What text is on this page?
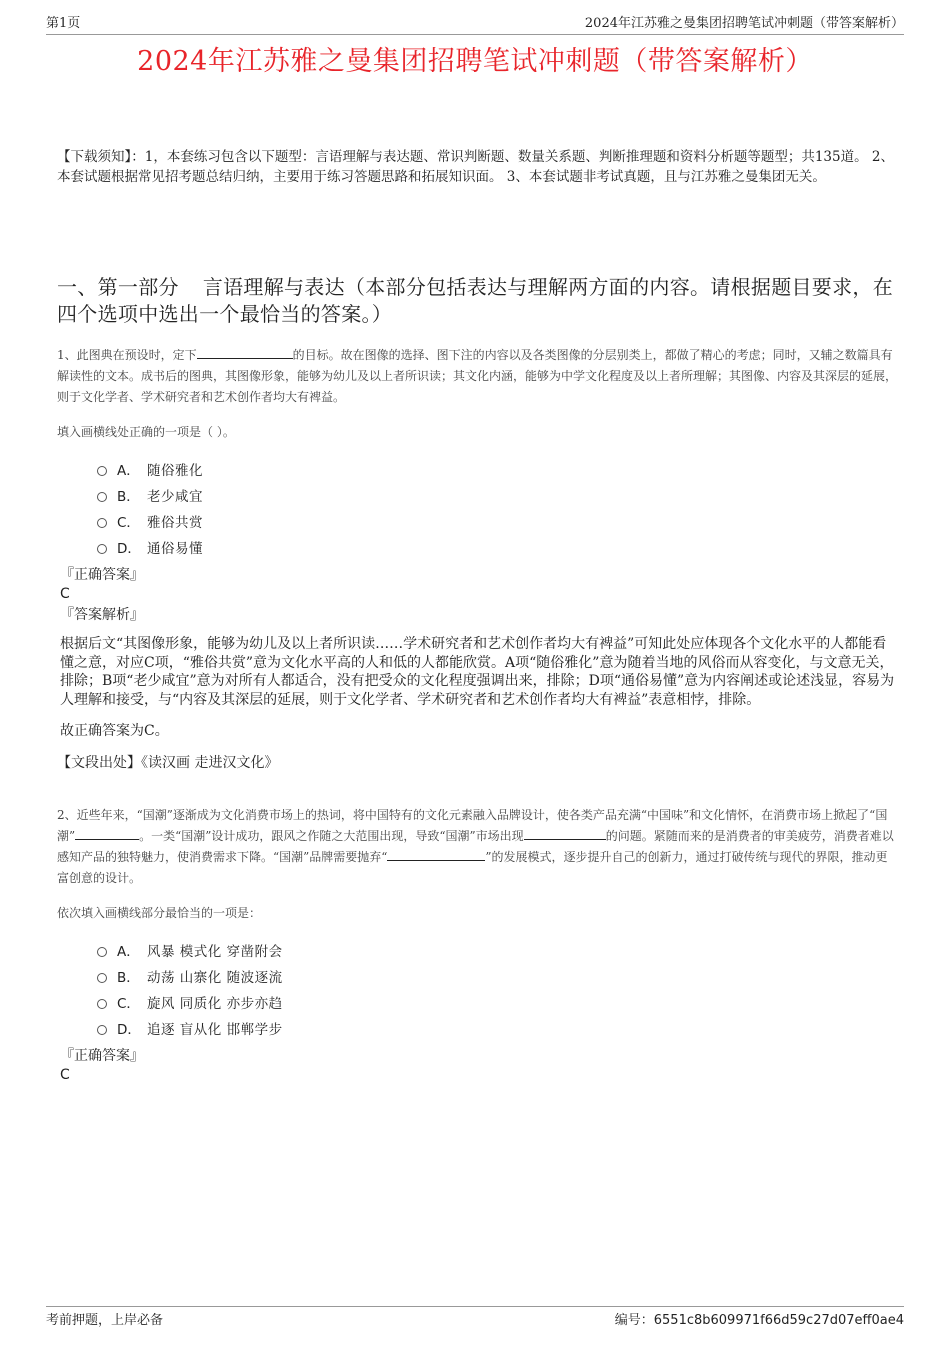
第1页	2024年江苏雅之曼集团招聘笔试冲刺题（带答案解析）
2024年江苏雅之曼集团招聘笔试冲刺题（带答案解析）
【下载须知】：1，本套练习包含以下题型：言语理解与表达题、常识判断题、数量关系题、判断推理题和资料分析题等题型；共135道。 2、本套试题根据常见招考题总结归纳，主要用于练习答题思路和拓展知识面。 3、本套试题非考试真题，且与江苏雅之曼集团无关。
一、第一部分 言语理解与表达（本部分包括表达与理解两方面的内容。请根据题目要求，在四个选项中选出一个最恰当的答案。）
1、此图典在预设时，定下	的目标。故在图像的选择、图下注的内容以及各类图像的分层别类上，都做了精心的考虑；同时，又辅之数篇具有解读性的文本。成书后的图典，其图像形象，能够为幼儿及以上者所识读；其文化内涵，能够为中学文化程度及以上者所理解；其图像、内容及其深层的延展，则于文化学者、学术研究者和艺术创作者均大有裨益。
填入画横线处正确的一项是（ ）。
A． 随俗雅化
B． 老少咸宜
C． 雅俗共赏
D． 通俗易懂
『正确答案』
C
『答案解析』
根据后文“其图像形象，能够为幼儿及以上者所识读……学术研究者和艺术创作者均大有裨益”可知此处应体现各个文化水平的人都能看懂之意，对应C项，“雅俗共赏”意为文化水平高的人和低的人都能欣赏。A项“随俗雅化”意为随着当地的风俗而从容变化，与文意无关，排除；B项“老少咸宜”意为对所有人都适合，没有把受众的文化程度强调出来，排除；D项“通俗易懂”意为内容阐述或论述浅显，容易为人理解和接受，与“内容及其深层的延展，则于文化学者、学术研究者和艺术创作者均大有裨益”表意相悖，排除。
故正确答案为C。
【文段出处】《读汉画 走进汉文化》
2、近些年来，“国潮”逐渐成为文化消费市场上的热词，将中国特有的文化元素融入品牌设计，使各类产品充满“中国味”和文化情怀，在消费市场上掀起了“国潮”	。一类“国潮”设计成功，跟风之作随之大范围出现，导致“国潮”市场出现	的问题。紧随而来的是消费者的审美疲劳，消费者难以感知产品的独特魅力，使消费需求下降。“国潮”品牌需要抛弃“	”的发展模式，逐步提升自己的创新力，通过打破传统与现代的界限，推动更富创意的设计。
依次填入画横线部分最恰当的一项是：
A． 风暴 模式化 穿凿附会
B． 动荡 山寨化 随波逐流
C． 旋风 同质化 亦步亦趋
D． 追逐 盲从化 邯郸学步
『正确答案』
C
考前押题，上岸必备	编号：6551c8b609971f66d59c27d07eff0ae4
